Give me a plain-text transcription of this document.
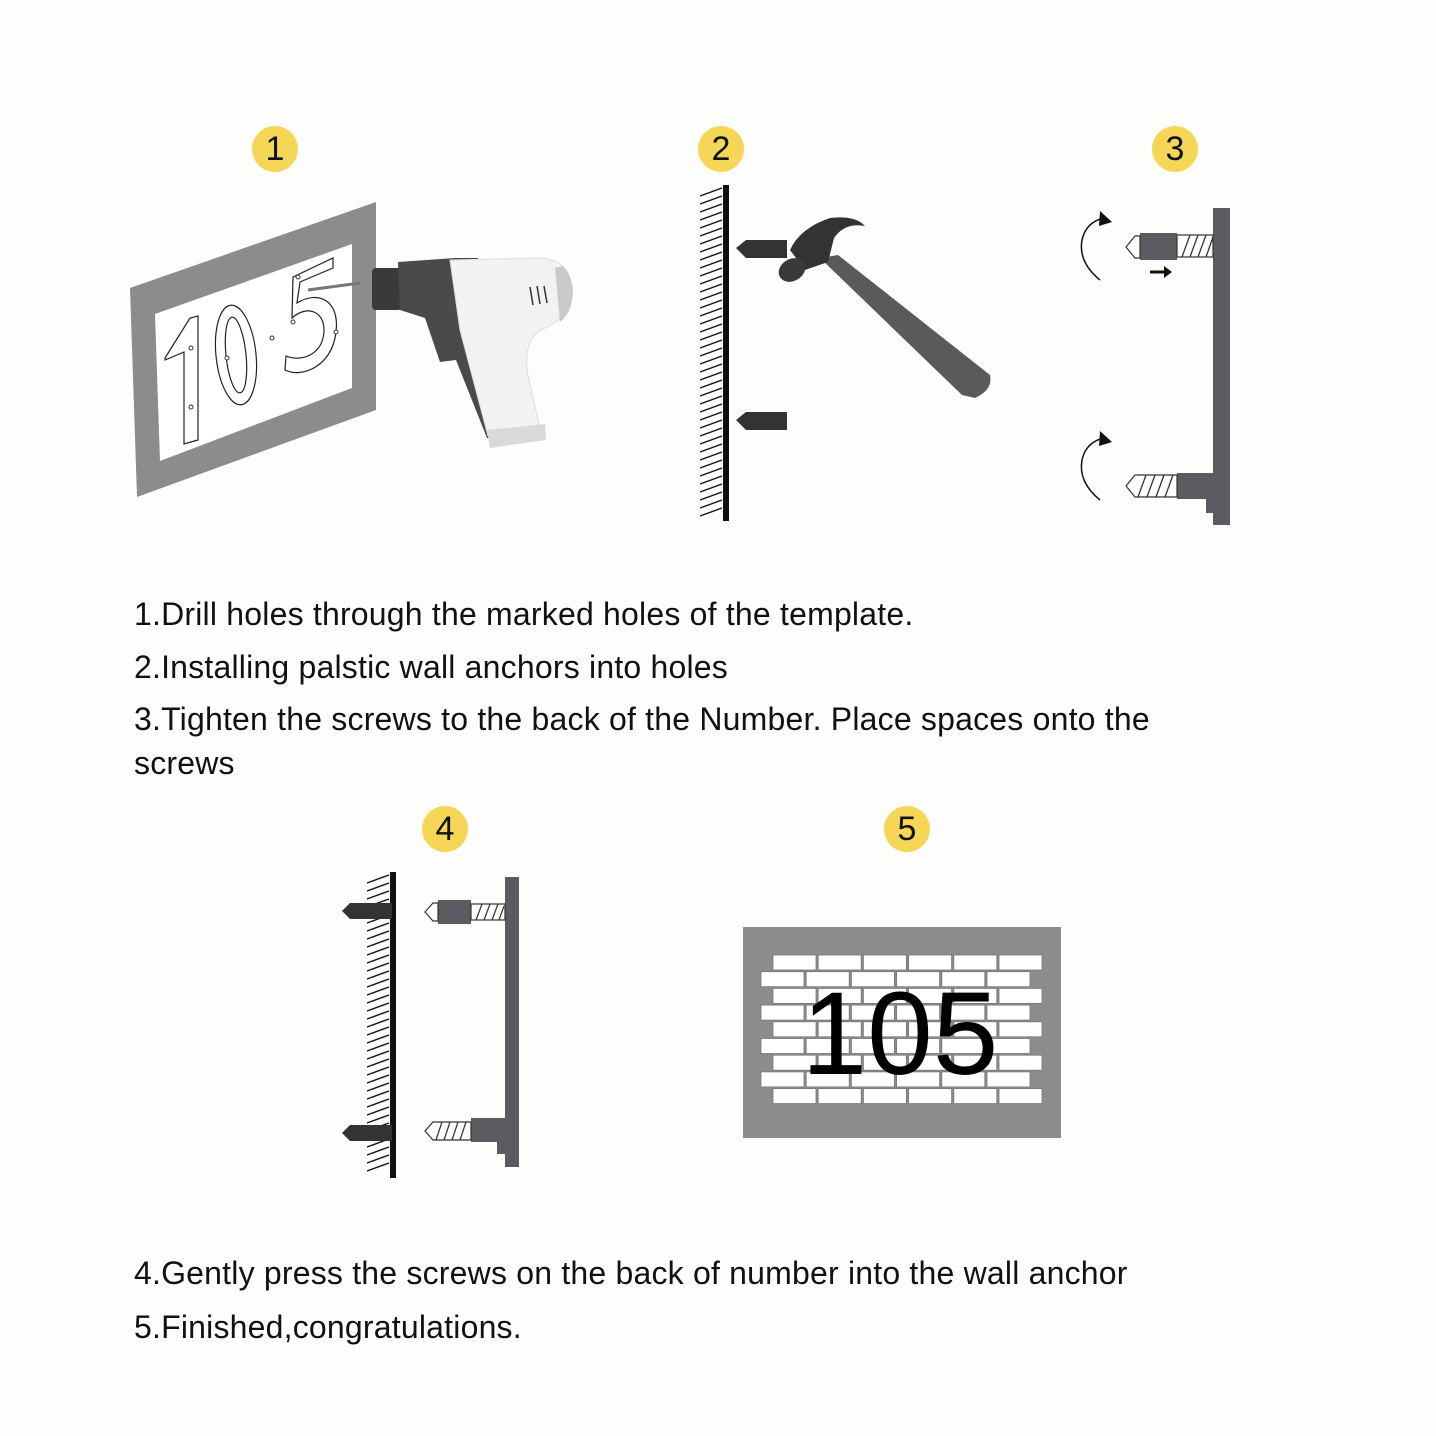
1	2	3
4	5
1.Drill holes through the marked holes of the template.
2.Installing palstic wall anchors into holes
3.Tighten the screws to the back of the Number. Place spaces onto the
screws
105
4.Gently press the screws on the back of number into the wall anchor
5.Finished,congratulations.
